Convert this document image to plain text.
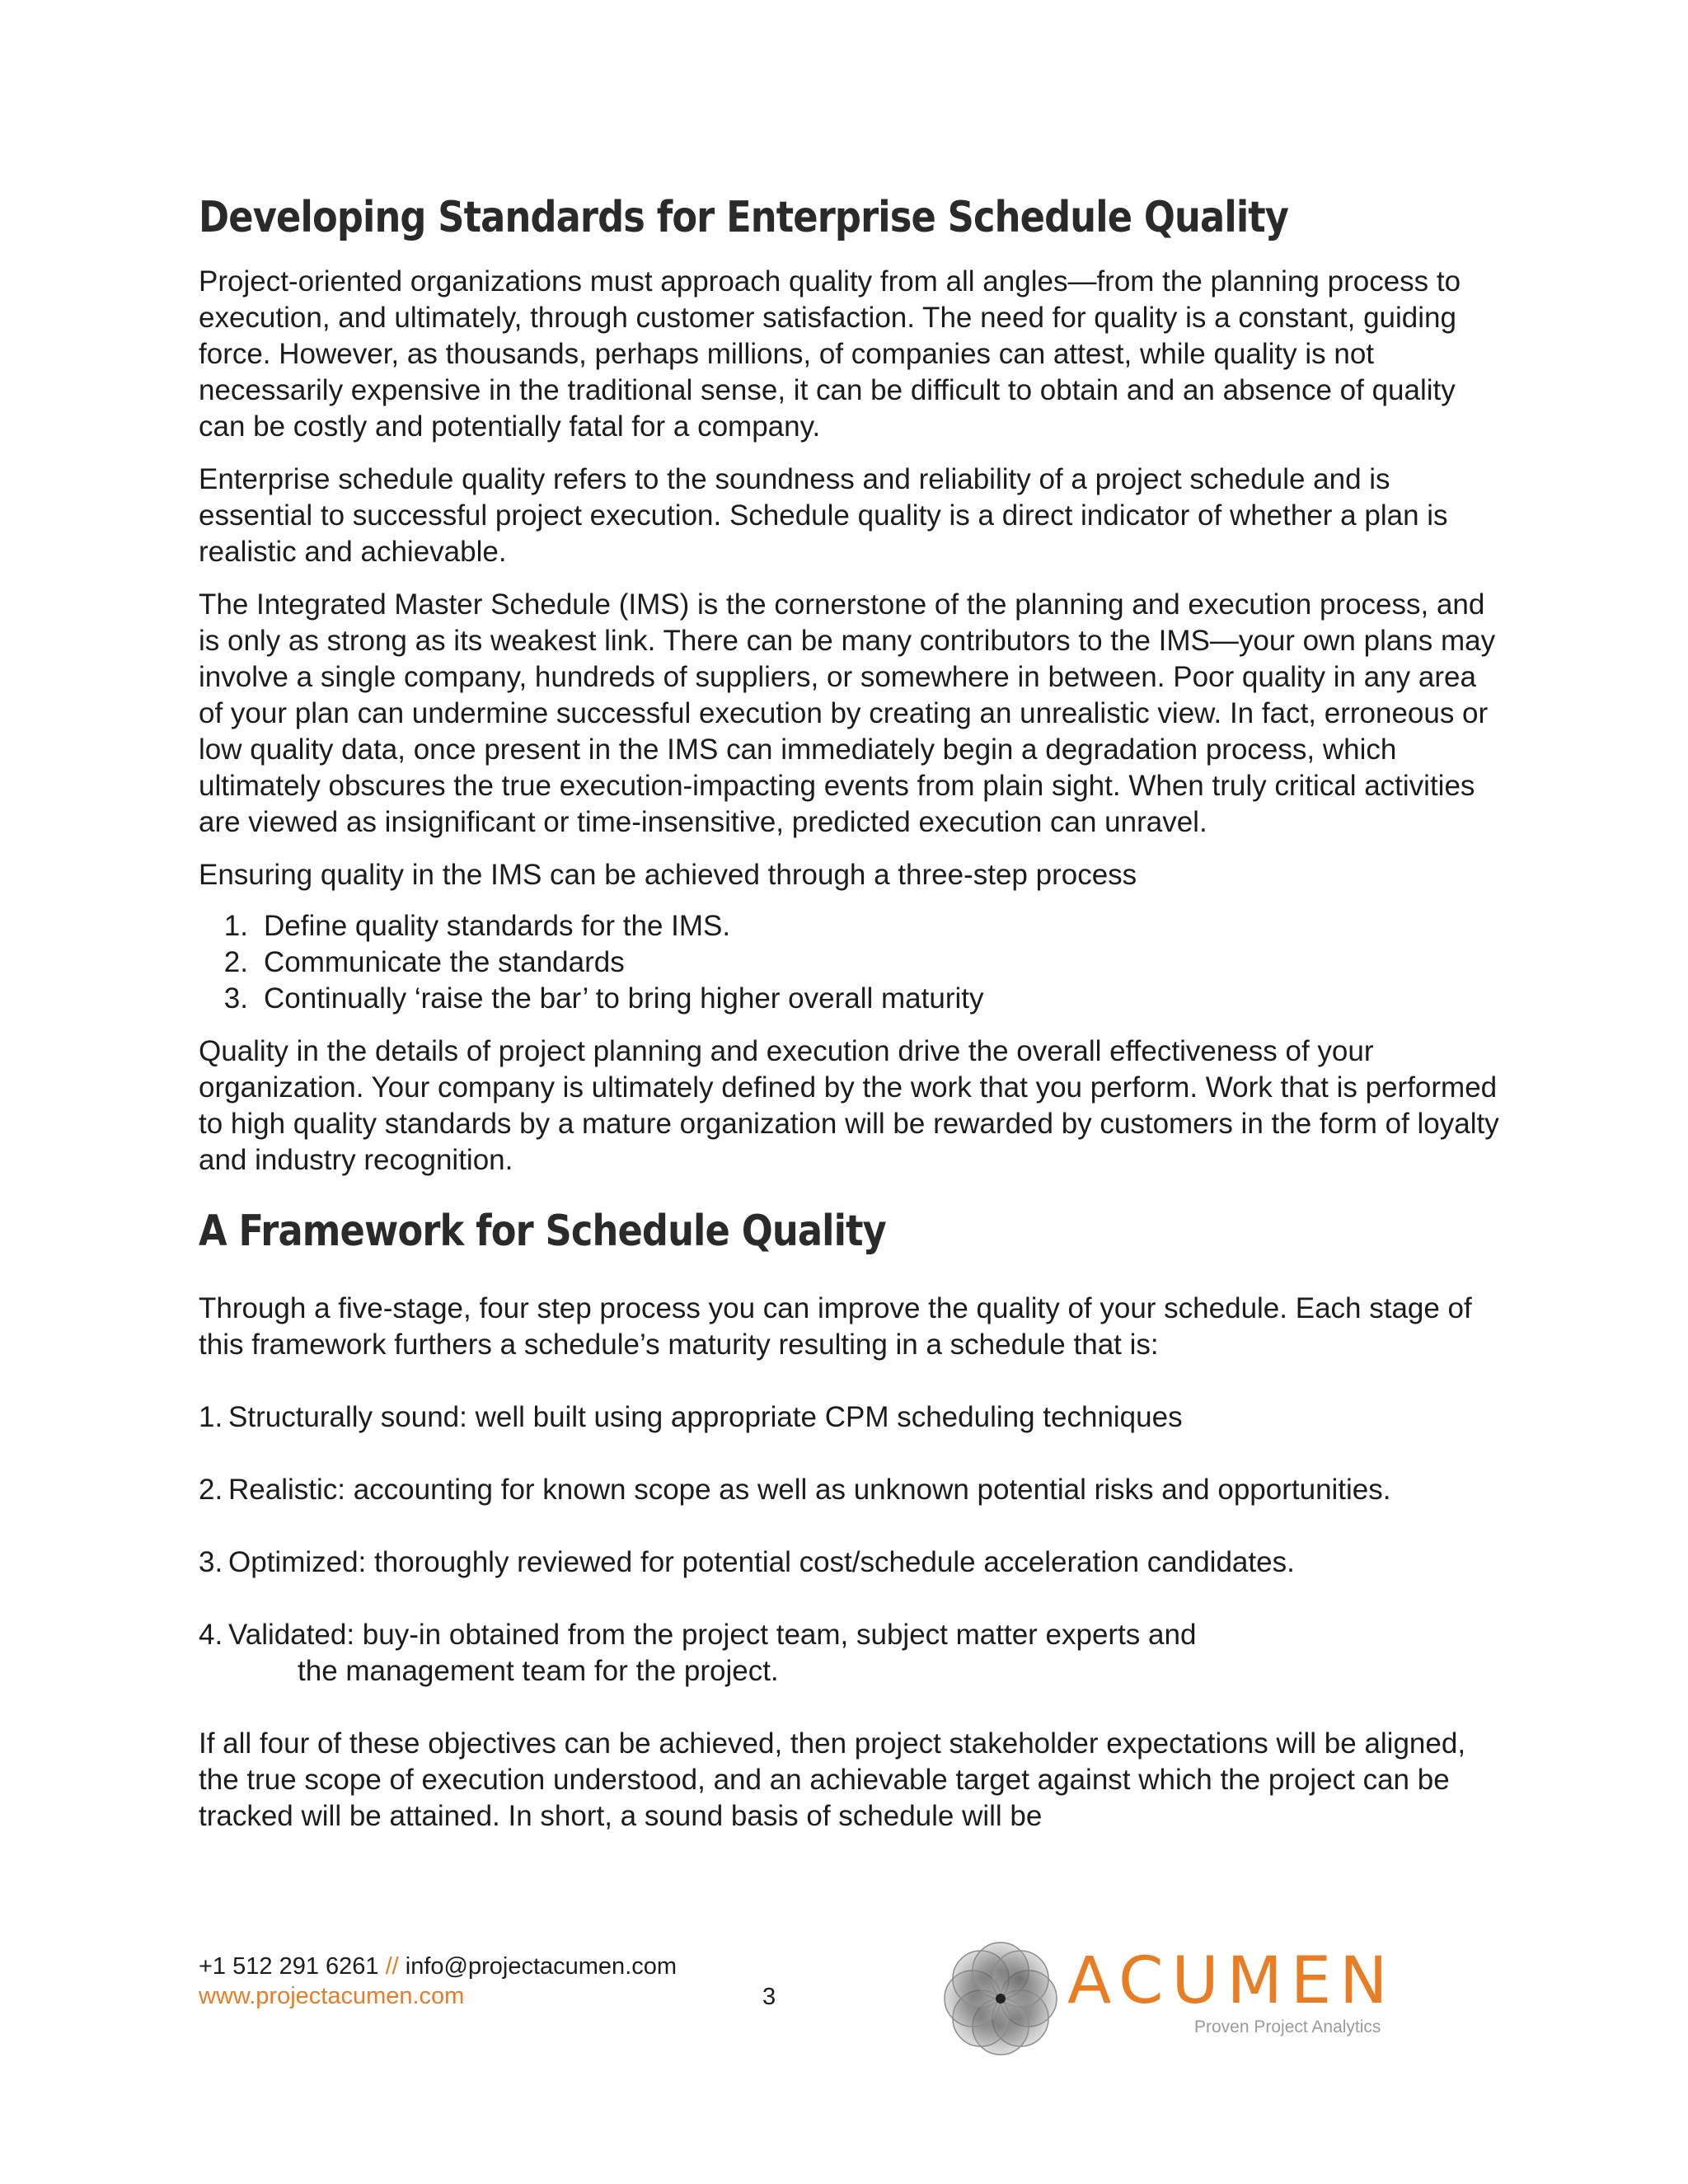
Developing Standards for Enterprise Schedule Quality

Project-oriented organizations must approach quality from all angles—from the planning process to execution, and ultimately, through customer satisfaction. The need for quality is a constant, guiding force. However, as thousands, perhaps millions, of companies can attest, while quality is not necessarily expensive in the traditional sense, it can be difficult to obtain and an absence of quality can be costly and potentially fatal for a company.

Enterprise schedule quality refers to the soundness and reliability of a project schedule and is essential to successful project execution. Schedule quality is a direct indicator of whether a plan is realistic and achievable.

The Integrated Master Schedule (IMS) is the cornerstone of the planning and execution process, and is only as strong as its weakest link. There can be many contributors to the IMS—your own plans may involve a single company, hundreds of suppliers, or somewhere in between. Poor quality in any area of your plan can undermine successful execution by creating an unrealistic view. In fact, erroneous or low quality data, once present in the IMS can immediately begin a degradation process, which ultimately obscures the true execution-impacting events from plain sight. When truly critical activities are viewed as insignificant or time-insensitive, predicted execution can unravel.

Ensuring quality in the IMS can be achieved through a three-step process

1. Define quality standards for the IMS.
2. Communicate the standards
3. Continually ‘raise the bar’ to bring higher overall maturity

Quality in the details of project planning and execution drive the overall effectiveness of your organization. Your company is ultimately defined by the work that you perform. Work that is performed to high quality standards by a mature organization will be rewarded by customers in the form of loyalty and industry recognition.

A Framework for Schedule Quality

Through a five-stage, four step process you can improve the quality of your schedule. Each stage of this framework furthers a schedule’s maturity resulting in a schedule that is:

1. Structurally sound: well built using appropriate CPM scheduling techniques
2. Realistic: accounting for known scope as well as unknown potential risks and opportunities.
3. Optimized: thoroughly reviewed for potential cost/schedule acceleration candidates.
4. Validated: buy-in obtained from the project team, subject matter experts and
the management team for the project.

If all four of these objectives can be achieved, then project stakeholder expectations will be aligned, the true scope of execution understood, and an achievable target against which the project can be tracked will be attained. In short, a sound basis of schedule will be

+1 512 291 6261 // info@projectacumen.com
www.projectacumen.com	3	ACUMEN
Proven Project Analytics
